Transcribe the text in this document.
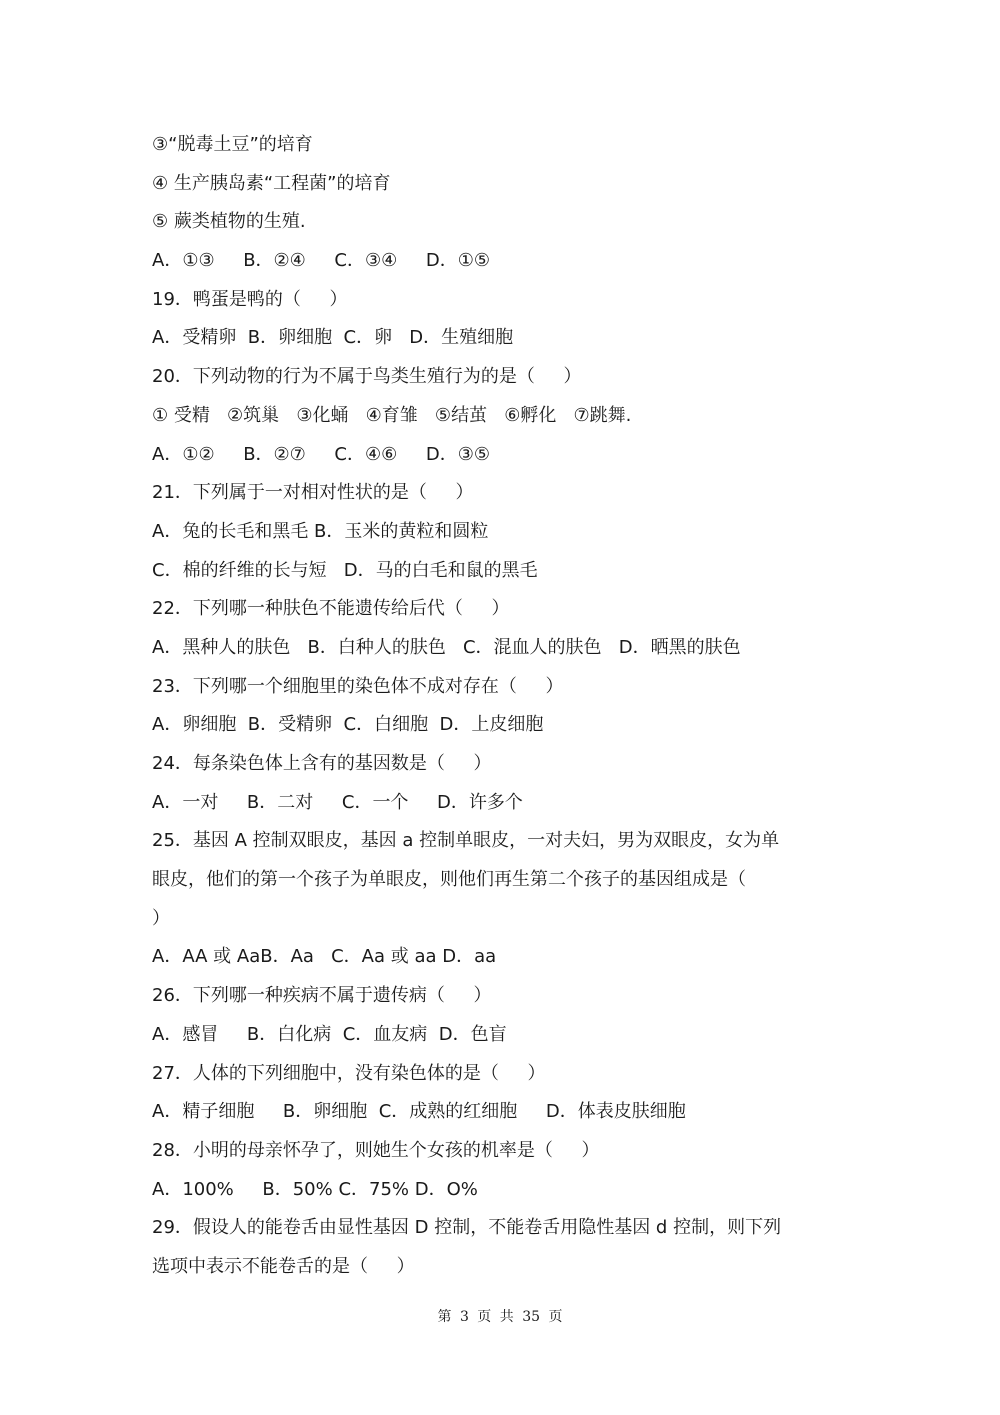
③“脱毒土豆”的培育
④ 生产胰岛素“工程菌”的培育
⑤ 蕨类植物的生殖.
A．①③     B．②④     C．③④     D．①⑤
19．鸭蛋是鸭的（     ）
A．受精卵  B．卵细胞  C．卵   D．生殖细胞
20．下列动物的行为不属于鸟类生殖行为的是（     ）
① 受精   ②筑巢   ③化蛹   ④育雏   ⑤结茧   ⑥孵化   ⑦跳舞.
A．①②     B．②⑦     C．④⑥     D．③⑤
21．下列属于一对相对性状的是（     ）
A．兔的长毛和黑毛 B．玉米的黄粒和圆粒
C．棉的纤维的长与短   D．马的白毛和鼠的黑毛
22．下列哪一种肤色不能遗传给后代（     ）
A．黑种人的肤色   B．白种人的肤色   C．混血人的肤色   D．晒黑的肤色
23．下列哪一个细胞里的染色体不成对存在（     ）
A．卵细胞  B．受精卵  C．白细胞  D．上皮细胞
24．每条染色体上含有的基因数是（     ）
A．一对     B．二对     C．一个     D．许多个
25．基因 A 控制双眼皮，基因 a 控制单眼皮，一对夫妇，男为双眼皮，女为单
眼皮，他们的第一个孩子为单眼皮，则他们再生第二个孩子的基因组成是（
）
A．AA 或 AaB．Aa   C．Aa 或 aa D．aa
26．下列哪一种疾病不属于遗传病（     ）
A．感冒     B．白化病  C．血友病  D．色盲
27．人体的下列细胞中，没有染色体的是（     ）
A．精子细胞     B．卵细胞  C．成熟的红细胞     D．体表皮肤细胞
28．小明的母亲怀孕了，则她生个女孩的机率是（     ）
A．100%     B．50% C．75% D．O%
29．假设人的能卷舌由显性基因 D 控制，不能卷舌用隐性基因 d 控制，则下列
选项中表示不能卷舌的是（     ）
第 3 页 共 35 页
